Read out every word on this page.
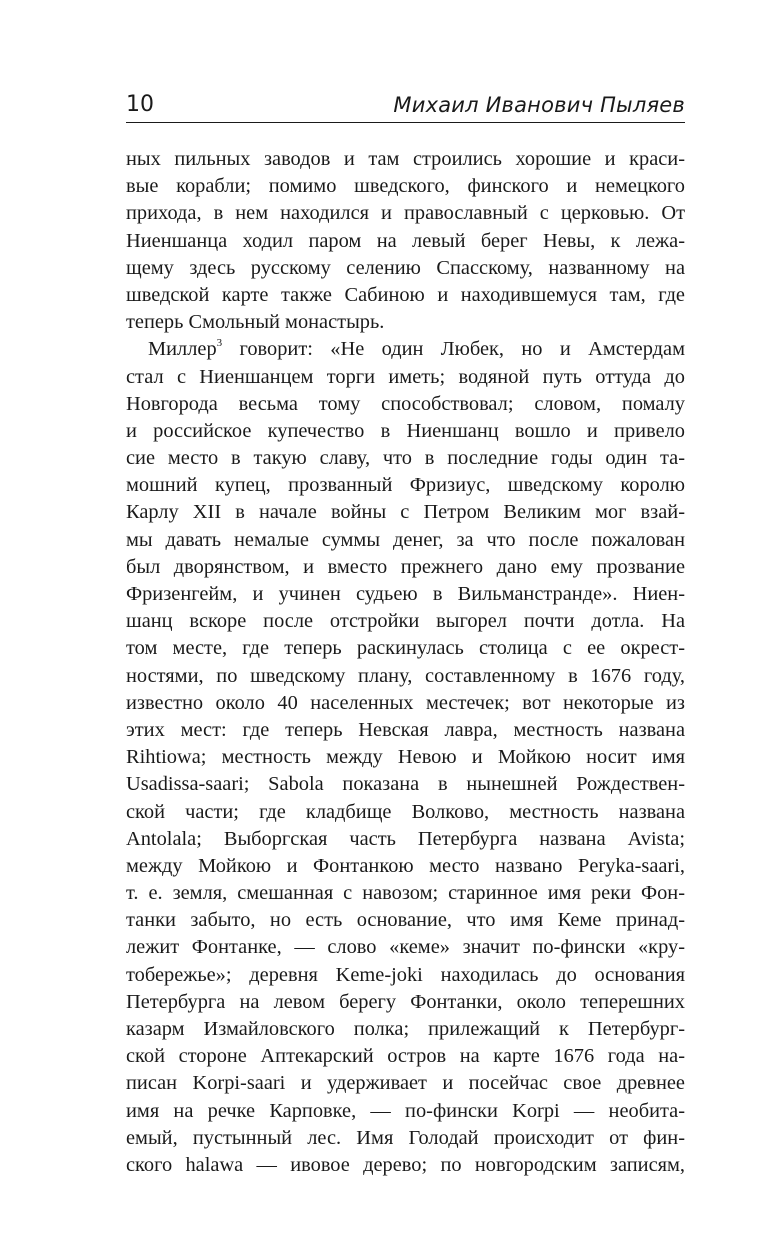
10	Михаил Иванович Пыляев
ных пильных заводов и там строились хорошие и краси-
вые корабли; помимо шведского, финского и немецкого
прихода, в нем находился и православный с церковью. От
Ниеншанца ходил паром на левый берег Невы, к лежа-
щему здесь русскому селению Спасскому, названному на
шведской карте также Сабиною и находившемуся там, где
теперь Смольный монастырь.
Миллер$^3$ говорит: «Не один Любек, но и Амстердам
стал с Ниеншанцем торги иметь; водяной путь оттуда до
Новгорода весьма тому способствовал; словом, помалу
и российское купечество в Ниеншанц вошло и привело
сие место в такую славу, что в последние годы один та-
мошний купец, прозванный Фризиус, шведскому королю
Карлу XII в начале войны с Петром Великим мог взай-
мы давать немалые суммы денег, за что после пожалован
был дворянством, и вместо прежнего дано ему прозвание
Фризенгейм, и учинен судьею в Вильманстранде». Ниен-
шанц вскоре после отстройки выгорел почти дотла. На
том месте, где теперь раскинулась столица с ее окрест-
ностями, по шведскому плану, составленному в 1676 году,
известно около 40 населенных местечек; вот некоторые из
этих мест: где теперь Невская лавра, местность названа
Rihtiowa; местность между Невою и Мойкою носит имя
Usadissa-saari; Sabola показана в нынешней Рождествен-
ской части; где кладбище Волково, местность названа
Antolala; Выборгская часть Петербурга названа Avista;
между Мойкою и Фонтанкою место названо Peryka-saari,
т. е. земля, смешанная с навозом; старинное имя реки Фон-
танки забыто, но есть основание, что имя Кеме принад-
лежит Фонтанке, — слово «кеме» значит по-фински «кру-
тобережье»; деревня Keme-joki находилась до основания
Петербурга на левом берегу Фонтанки, около теперешних
казарм Измайловского полка; прилежащий к Петербург-
ской стороне Аптекарский остров на карте 1676 года на-
писан Korpi-saari и удерживает и посейчас свое древнее
имя на речке Карповке, — по-фински Korpi — необита-
емый, пустынный лес. Имя Голодай происходит от фин-
ского halawa — ивовое дерево; по новгородским записям,
